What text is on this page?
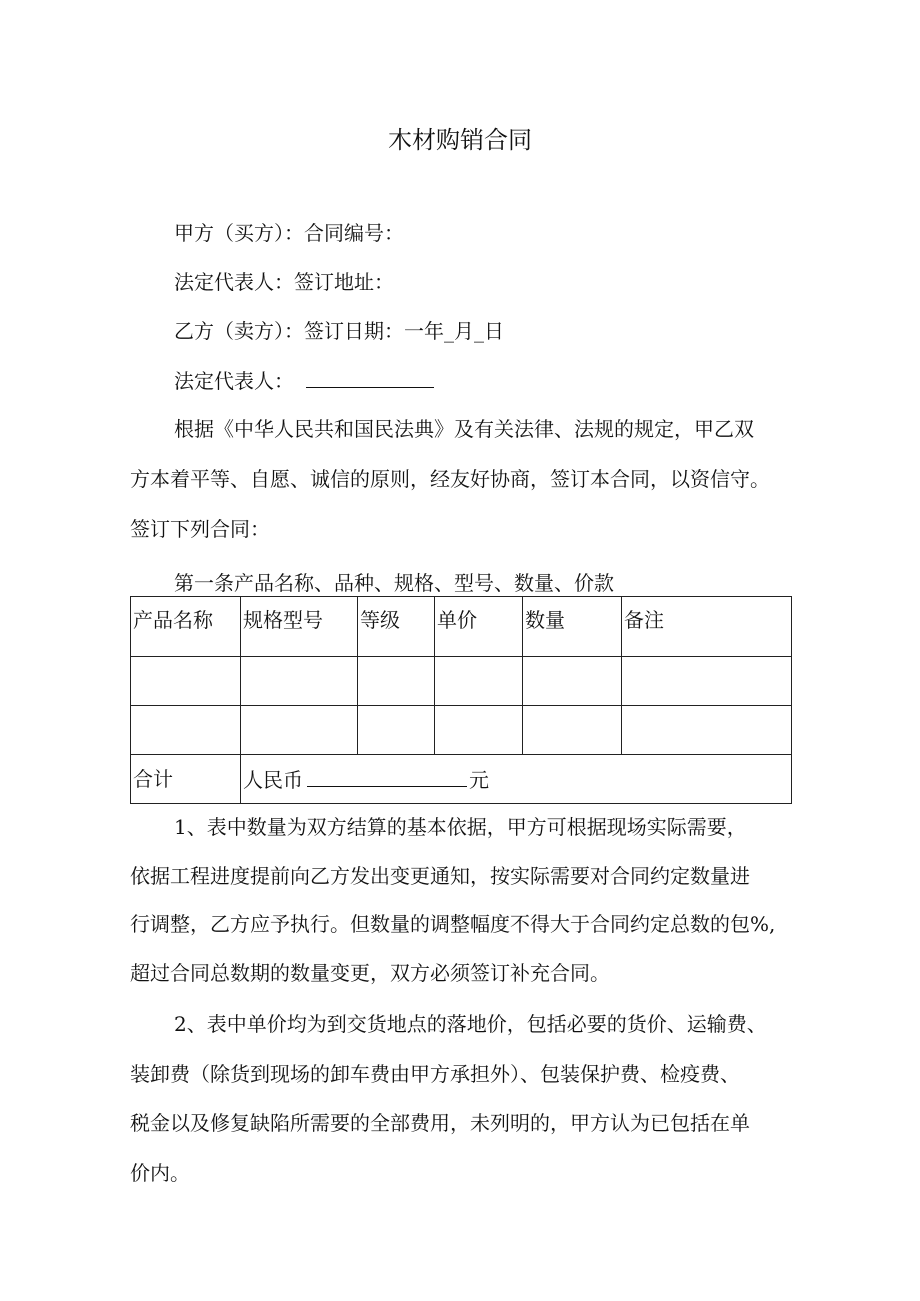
木材购销合同
甲方（买方）：合同编号：
法定代表人：签订地址：
乙方（卖方）：签订日期：一年_月_日
法定代表人：
根据《中华人民共和国民法典》及有关法律、法规的规定，甲乙双
方本着平等、自愿、诚信的原则，经友好协商，签订本合同，以资信守。
签订下列合同：
第一条产品名称、品种、规格、型号、数量、价款
产品名称	规格型号	等级	单价	数量	备注

合计	人民币 元				
1、表中数量为双方结算的基本依据，甲方可根据现场实际需要，
依据工程进度提前向乙方发出变更通知，按实际需要对合同约定数量进
行调整，乙方应予执行。但数量的调整幅度不得大于合同约定总数的包%,
超过合同总数期的数量变更，双方必须签订补充合同。
2、表中单价均为到交货地点的落地价，包括必要的货价、运输费、
装卸费（除货到现场的卸车费由甲方承担外）、包装保护费、检疫费、
税金以及修复缺陷所需要的全部费用，未列明的，甲方认为已包括在单
价内。
